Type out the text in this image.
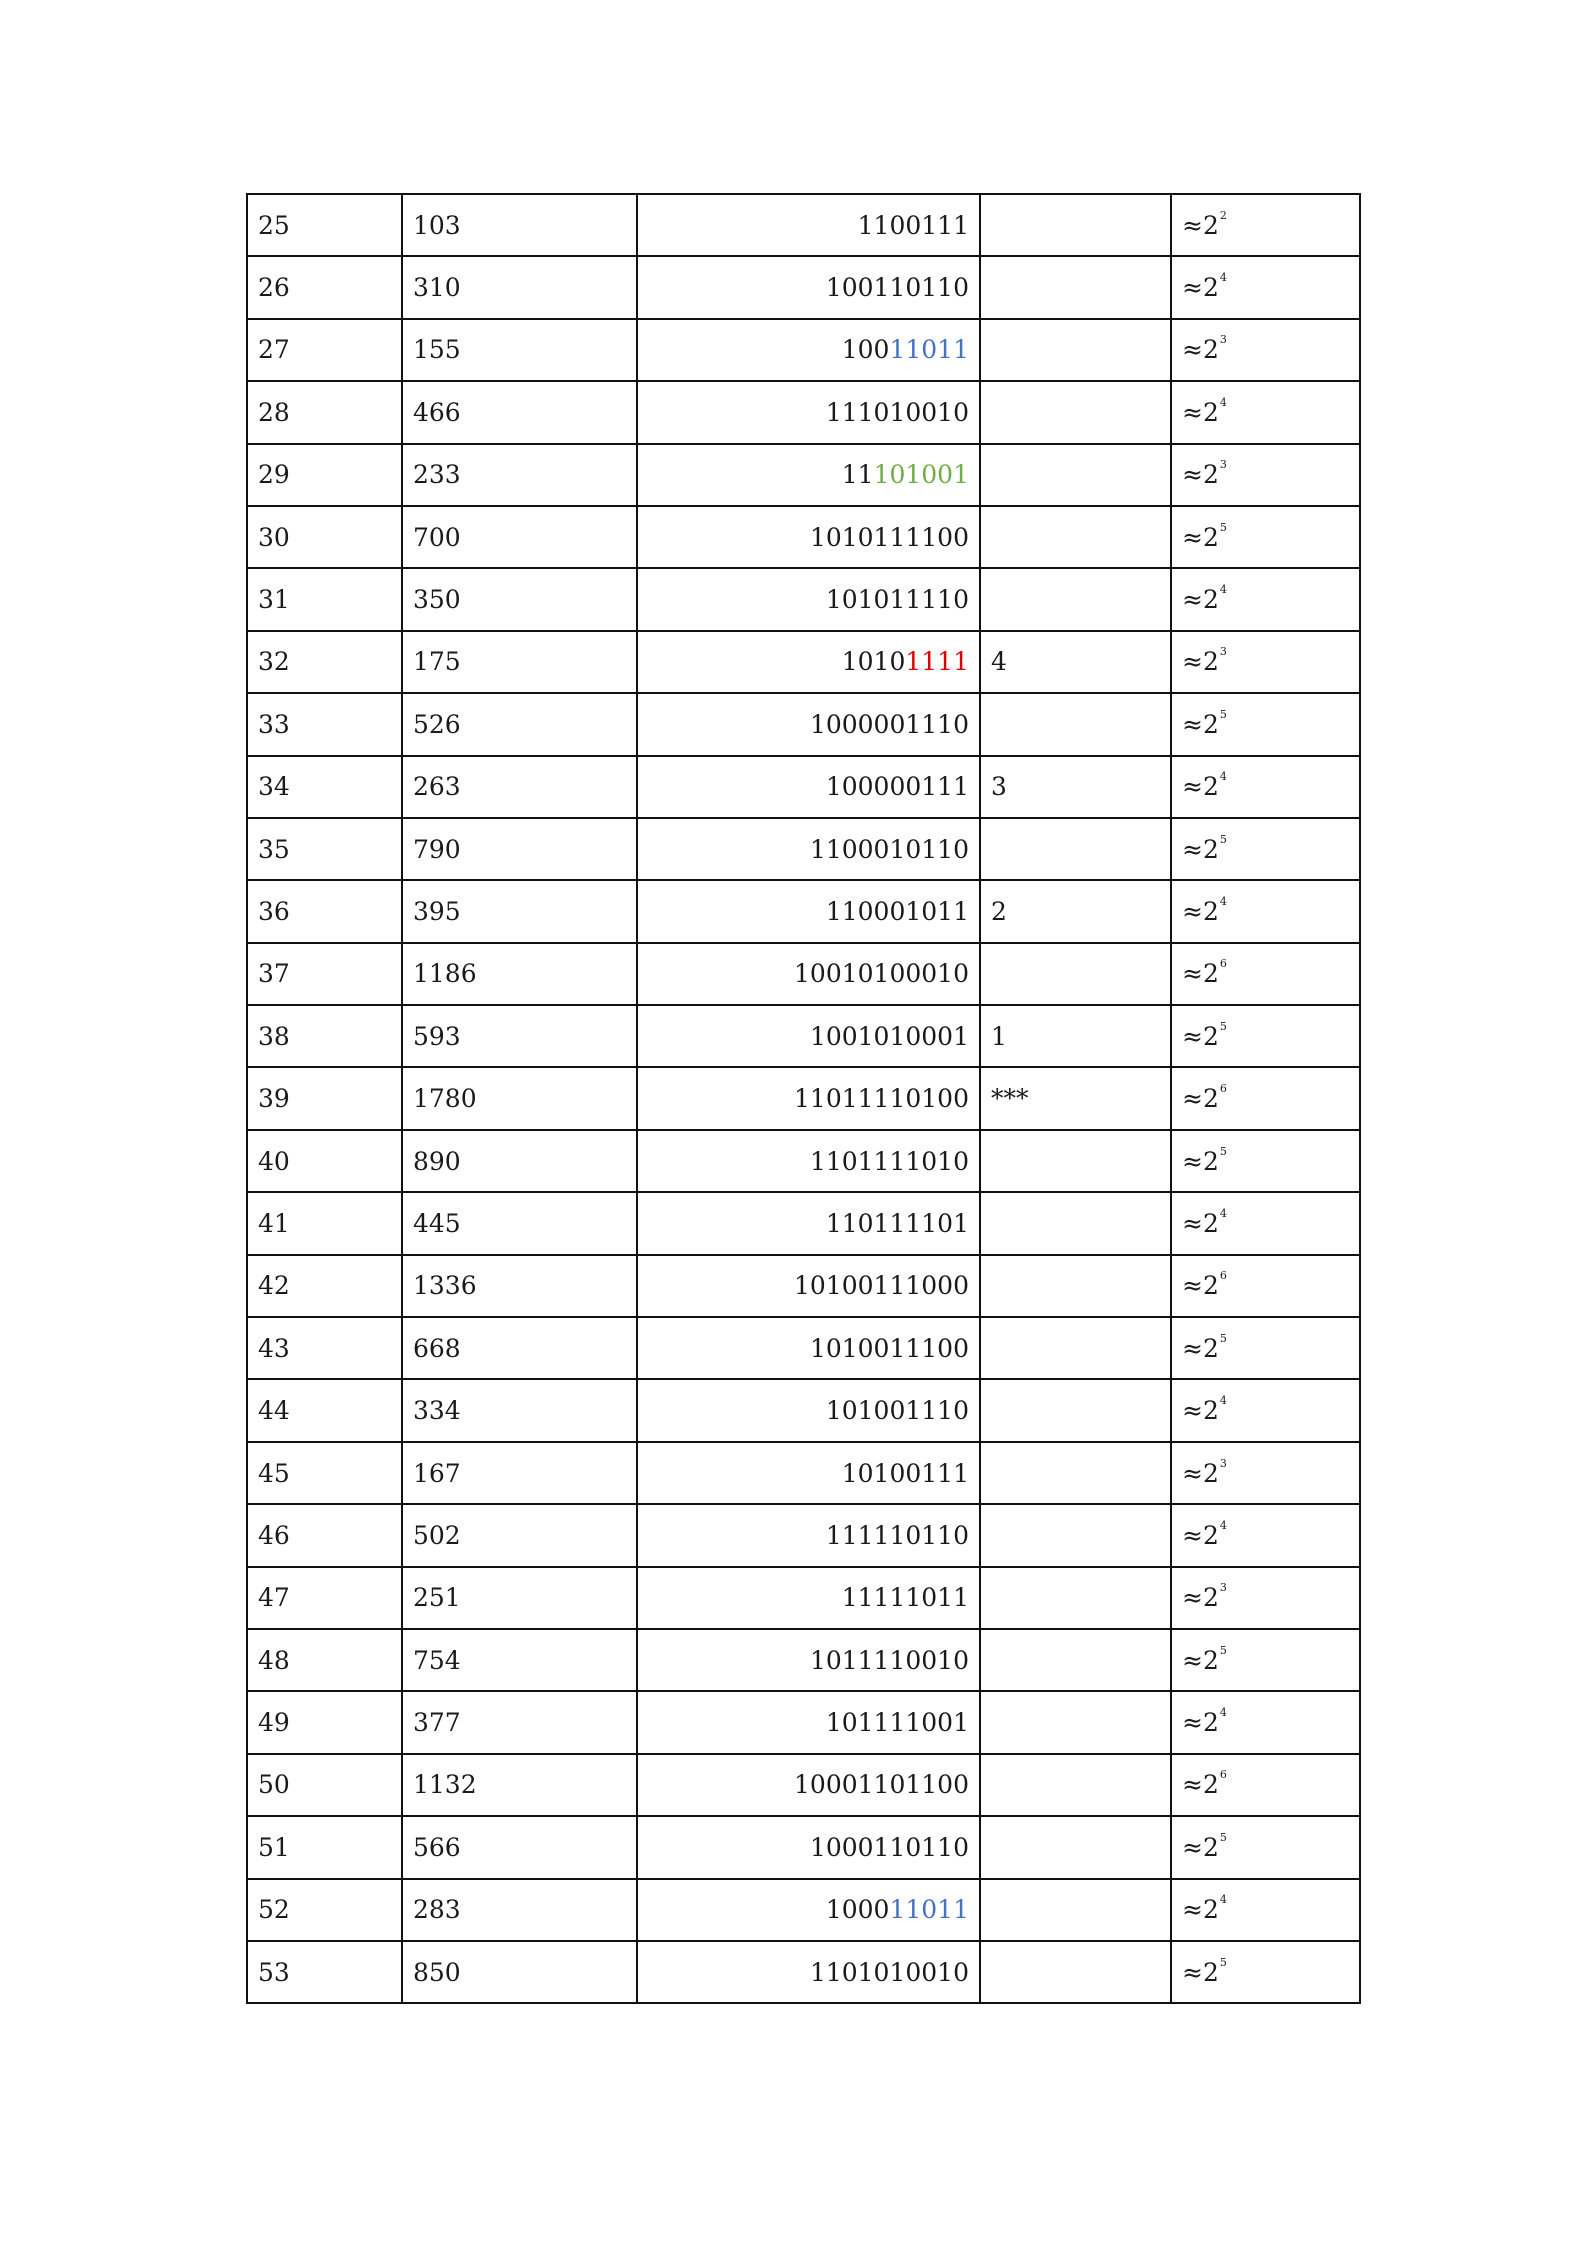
25	103	1100111		$\approx 2^2$
26	310	100110110		$\approx 2^4$
27	155	10011011		$\approx 2^3$
28	466	111010010		$\approx 2^4$
29	233	11101001		$\approx 2^3$
30	700	1010111100		$\approx 2^5$
31	350	101011110		$\approx 2^4$
32	175	10101111	4	$\approx 2^3$
33	526	1000001110		$\approx 2^5$
34	263	100000111	3	$\approx 2^4$
35	790	1100010110		$\approx 2^5$
36	395	110001011	2	$\approx 2^4$
37	1186	10010100010		$\approx 2^6$
38	593	1001010001	1	$\approx 2^5$
39	1780	11011110100	***	$\approx 2^6$
40	890	1101111010		$\approx 2^5$
41	445	110111101		$\approx 2^4$
42	1336	10100111000		$\approx 2^6$
43	668	1010011100		$\approx 2^5$
44	334	101001110		$\approx 2^4$
45	167	10100111		$\approx 2^3$
46	502	111110110		$\approx 2^4$
47	251	11111011		$\approx 2^3$
48	754	1011110010		$\approx 2^5$
49	377	101111001		$\approx 2^4$
50	1132	10001101100		$\approx 2^6$
51	566	1000110110		$\approx 2^5$
52	283	100011011		$\approx 2^4$
53	850	1101010010		$\approx 2^5$
